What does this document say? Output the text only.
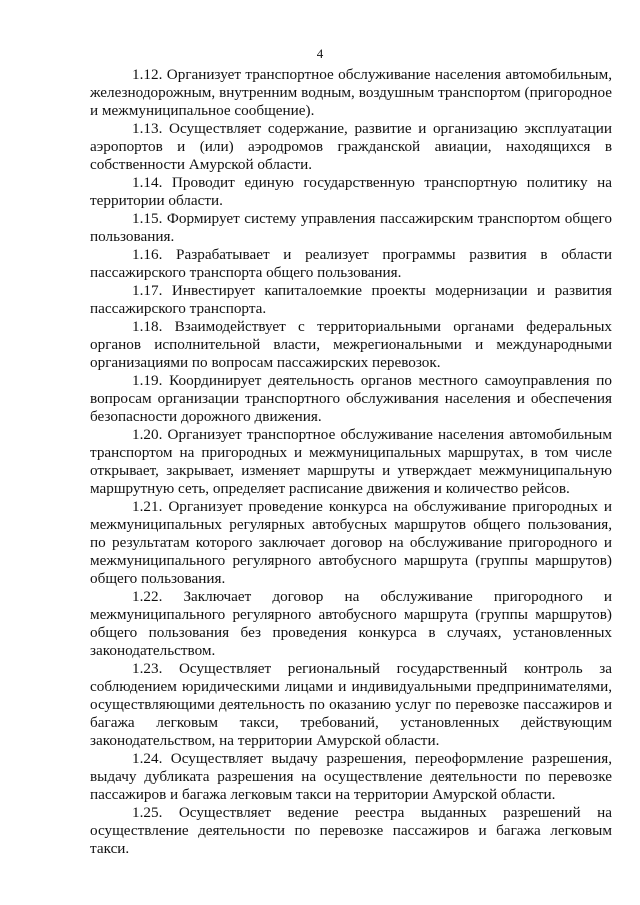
4

1.12. Организует транспортное обслуживание населения автомобильным, железнодорожным, внутренним водным, воздушным транспортом (пригородное и межмуниципальное сообщение).

1.13. Осуществляет содержание, развитие и организацию эксплуатации аэропортов и (или) аэродромов гражданской авиации, находящихся в собственности Амурской области.

1.14. Проводит единую государственную транспортную политику на территории области.

1.15. Формирует систему управления пассажирским транспортом общего пользования.

1.16. Разрабатывает и реализует программы развития в области пассажирского транспорта общего пользования.

1.17. Инвестирует капиталоемкие проекты модернизации и развития пассажирского транспорта.

1.18. Взаимодействует с территориальными органами федеральных органов исполнительной власти, межрегиональными и международными организациями по вопросам пассажирских перевозок.

1.19. Координирует деятельность органов местного самоуправления по вопросам организации транспортного обслуживания населения и обеспечения безопасности дорожного движения.

1.20. Организует транспортное обслуживание населения автомобильным транспортом на пригородных и межмуниципальных маршрутах, в том числе открывает, закрывает, изменяет маршруты и утверждает межмуниципальную маршрутную сеть, определяет расписание движения и количество рейсов.

1.21. Организует проведение конкурса на обслуживание пригородных и межмуниципальных регулярных автобусных маршрутов общего пользования, по результатам которого заключает договор на обслуживание пригородного и межмуниципального регулярного автобусного маршрута (группы маршрутов) общего пользования.

1.22. Заключает договор на обслуживание пригородного и межмуниципального регулярного автобусного маршрута (группы маршрутов) общего пользования без проведения конкурса в случаях, установленных законодательством.

1.23. Осуществляет региональный государственный контроль за соблюдением юридическими лицами и индивидуальными предпринимателями, осуществляющими деятельность по оказанию услуг по перевозке пассажиров и багажа легковым такси, требований, установленных действующим законодательством, на территории Амурской области.

1.24. Осуществляет выдачу разрешения, переоформление разрешения, выдачу дубликата разрешения на осуществление деятельности по перевозке пассажиров и багажа легковым такси на территории Амурской области.

1.25. Осуществляет ведение реестра выданных разрешений на осуществление деятельности по перевозке пассажиров и багажа легковым такси.
